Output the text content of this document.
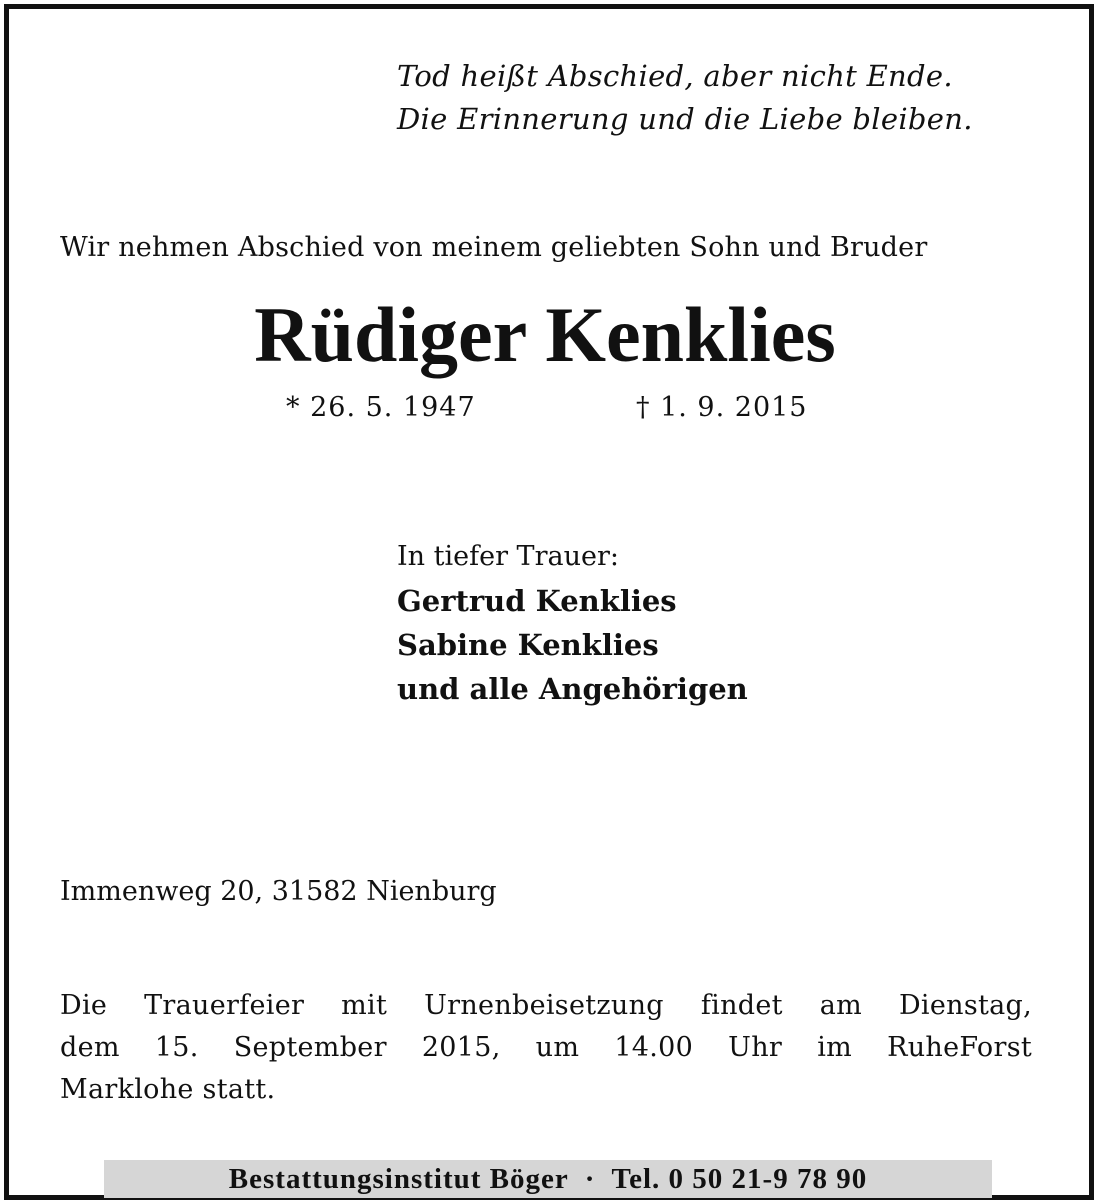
Tod heißt Abschied, aber nicht Ende.
Die Erinnerung und die Liebe bleiben.
Wir nehmen Abschied von meinem geliebten Sohn und Bruder
Rüdiger Kenklies
* 26. 5. 1947	† 1. 9. 2015
In tiefer Trauer:
Gertrud Kenklies
Sabine Kenklies
und alle Angehörigen
Immenweg 20, 31582 Nienburg
Die Trauerfeier mit Urnenbeisetzung findet am Dienstag,
dem 15. September 2015, um 14.00 Uhr im RuheForst
Marklohe statt.
Bestattungsinstitut Böger · Tel. 0 50 21-9 78 90
